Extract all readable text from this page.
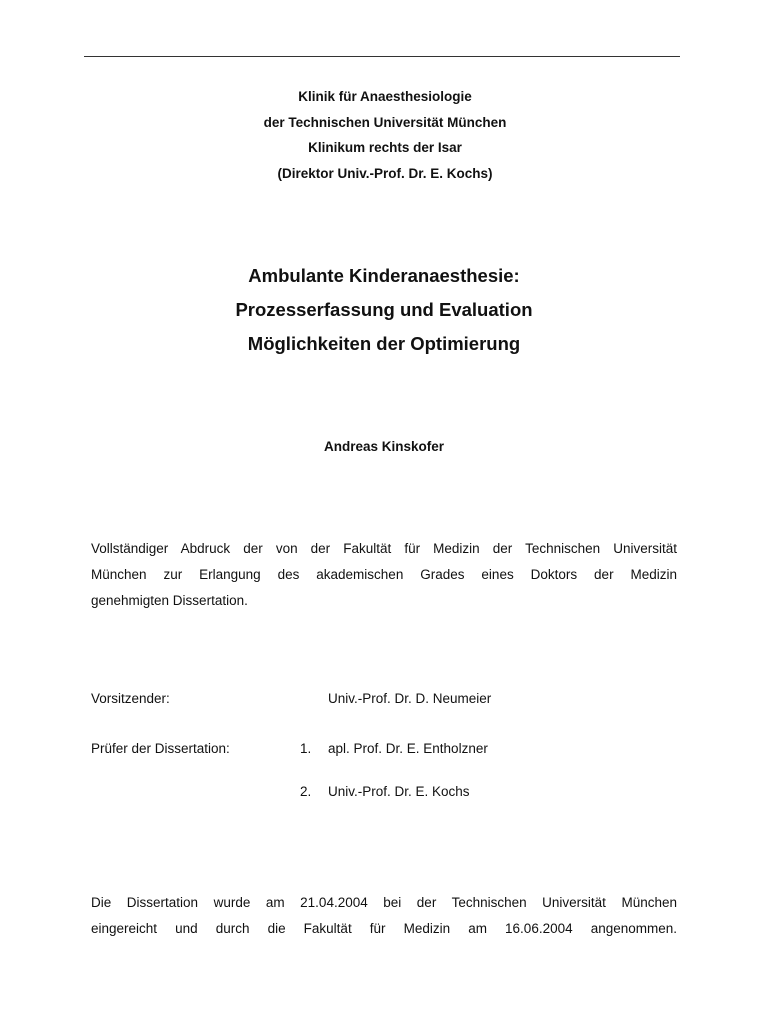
Klinik für Anaesthesiologie
der Technischen Universität München
Klinikum rechts der Isar
(Direktor Univ.-Prof. Dr. E. Kochs)
Ambulante Kinderanaesthesie:
Prozesserfassung und Evaluation
Möglichkeiten der Optimierung
Andreas Kinskofer
Vollständiger Abdruck der von der Fakultät für Medizin der Technischen Universität
München zur Erlangung des akademischen Grades eines Doktors der Medizin
genehmigten Dissertation.
Vorsitzender:	Univ.-Prof. Dr. D. Neumeier
Prüfer der Dissertation:	1. apl. Prof. Dr. E. Entholzner
2. Univ.-Prof. Dr. E. Kochs
Die Dissertation wurde am 21.04.2004 bei der Technischen Universität München
eingereicht und durch die Fakultät für Medizin am 16.06.2004 angenommen.
